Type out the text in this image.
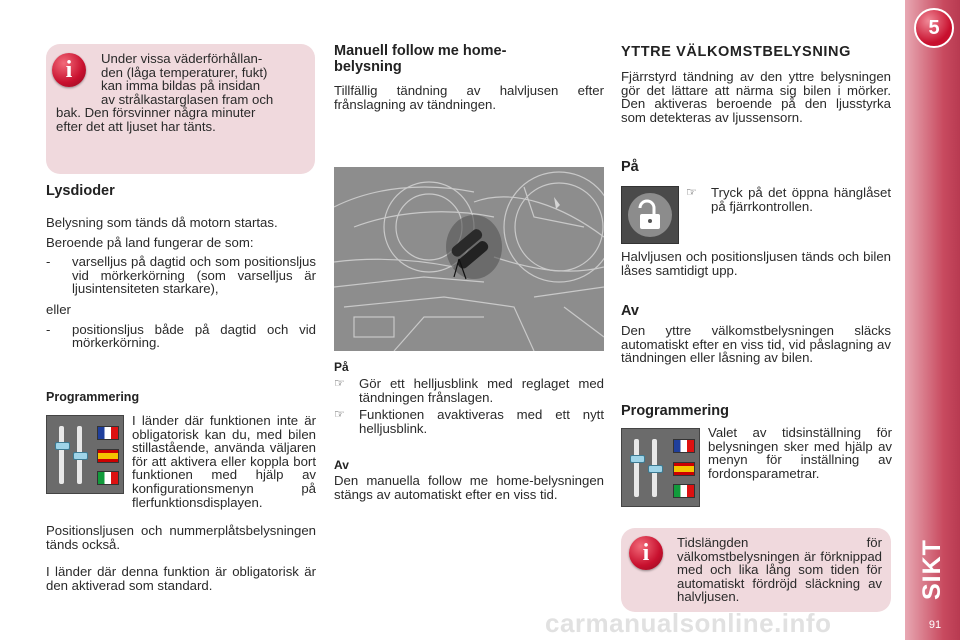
5
SIKT
91
i	Under vissa väderförhållan-

den (låga temperaturer, fukt)

kan imma bildas på insidan

av strålkastarglasen fram och

bak. Den försvinner några minuter

efter det att ljuset har tänts.

Lysdioder

Belysning som tänds då motorn startas.

Beroende på land fungerar de som:

- varselljus på dagtid och som positionsljus vid mörkerkörning (som varselljus är ljusintensiteten starkare),

eller

- positionsljus både på dagtid och vid mörkerkörning.

Programmering
I länder där funktionen inte är obligatorisk kan du, med bilen stillastående, använda väljaren för att aktivera eller koppla bort funktionen med hjälp av konfigurationsmenyn på flerfunktionsdisplayen.
Positionsljusen och nummerplåtsbelysningen tänds också.
I länder där denna funktion är obligatorisk är den aktiverad som standard.
Manuell follow me home-belysning
Tillfällig tändning av halvljusen efter frånslagning av tändningen.
På
☞ Gör ett helljusblink med reglaget med tändningen frånslagen.

☞ Funktionen avaktiveras med ett nytt helljusblink.

Av
Den manuella follow me home-belysningen stängs av automatiskt efter en viss tid.
YTTRE VÄLKOMSTBELYSNING
Fjärrstyrd tändning av den yttre belysningen gör det lättare att närma sig bilen i mörker. Den aktiveras beroende på den ljusstyrka som detekteras av ljussensorn.
På
☞ Tryck på det öppna hänglåset på fjärrkontrollen.

Halvljusen och positionsljusen tänds och bilen låses samtidigt upp.
Av
Den yttre välkomstbelysningen släcks automatiskt efter en viss tid, vid påslagning av tändningen eller låsning av bilen.
Programmering
Valet av tidsinställning för belysningen sker med hjälp av menyn för inställning av fordonsparametrar.
i	Tidslängden för välkomstbelysningen är förknippad med och lika lång som tiden för automatiskt fördröjd släckning av halvljusen.
carmanualsonline.info
